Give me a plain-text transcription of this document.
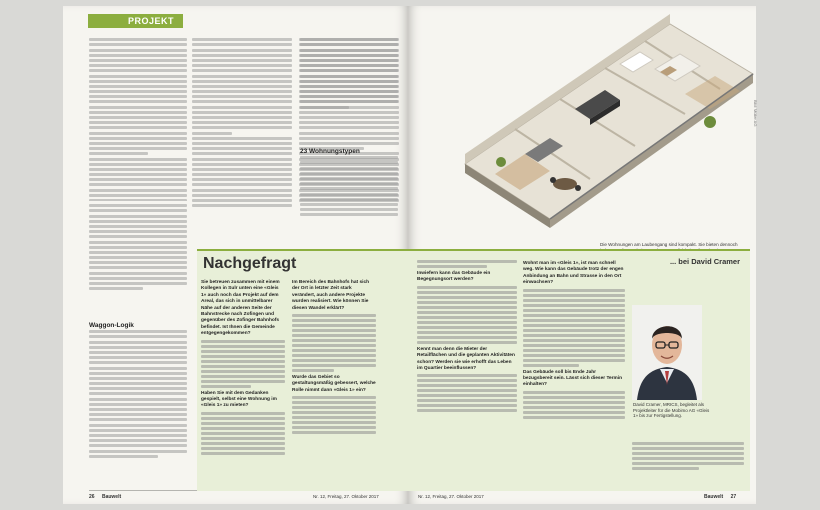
PROJEKT
Waggon-Logik
26 Bauwelt	Nr. 12, Freitag, 27. Oktober 2017	Nr. 12, Freitag, 27. Oktober 2017	Bauwelt 27
23 Wohnungstypen
Bild: Müller AG
Die Wohnungen am Laubengang sind kompakt. Sie bieten dennoch
... bei David Cramer
Nachgefragt
Sie betreuen zusammen mit einem Kollegen in Sulr unten eine «Gleis 1» auch noch das Projekt auf dem Areal, das sich in unmittelbarer Nähe auf der anderen Seite der Bahnstrecke nach Zofingen und gegenüber des Zofinger Bahnhofs befindet. Ist Ihnen die Gemeinde entgegengekommen?
Haben Sie mit dem Gedanken gespielt, selbst eine Wohnung im «Gleis 1» zu mieten?
Im Bereich des Bahnhofs hat sich der Ort in letzter Zeit stark verändert, auch andere Projekte wurden realisiert. Wie können Sie diesen Wandel erklärt?
Wurde das Gebiet so gestaltungsmäßig gebessert, welche Rolle nimmt dann «Gleis 1» ein?
Inwiefern kann das Gebäude ein Begegnungsort werden?
Kennt man denn die Mieter der Retailflächen und die geplanten Aktivitäten schon? Werden sie wie erhofft das Leben im Quartier beeinflussen?
Wohnt man im «Gleis 1», ist man schnell weg. Wie kann das Gebäude trotz der engen Anbindung an Bahn und Strasse in den Ort einwachsen?
Das Gebäude soll bis Ende Jahr bezugsbereit sein. Lässt sich dieser Termin einhalten?
David Cramer, MRICS, begleitet als Projektleiter für die Mobimo AG «Gleis 1» bis zur Fertigstellung.
